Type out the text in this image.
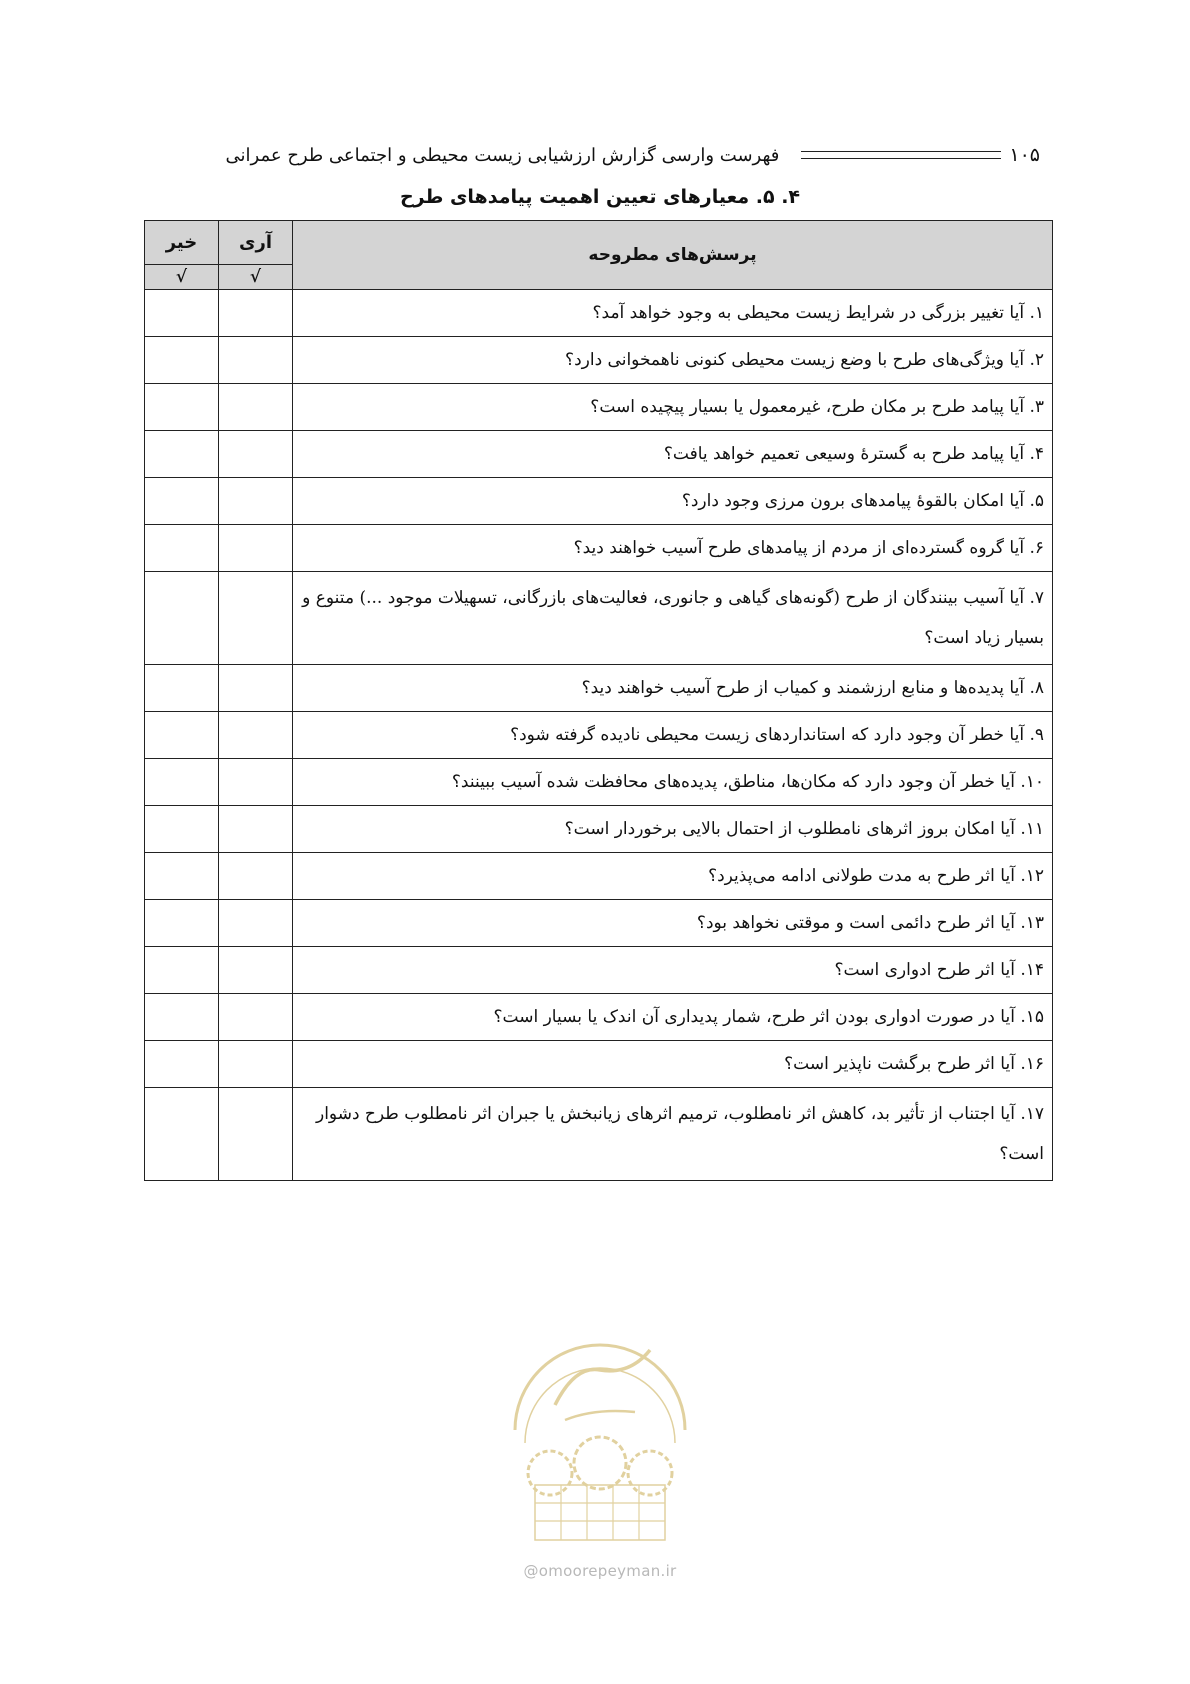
۱۰۵
فهرست وارسی گزارش ارزشیابی زیست محیطی و اجتماعی طرح عمرانی
۴. ۵. معیارهای تعیین اهمیت پیامدهای طرح
پرسش‌های مطروحه	آری	خیر
	√	√
۱. آیا تغییر بزرگی در شرایط زیست محیطی به وجود خواهد آمد؟		
۲. آیا ویژگی‌های طرح با وضع زیست محیطی کنونی ناهمخوانی دارد؟		
۳. آیا پیامد طرح بر مکان طرح، غیرمعمول یا بسیار پیچیده است؟		
۴. آیا پیامد طرح به گسترۀ وسیعی تعمیم خواهد یافت؟		
۵. آیا امکان بالقوۀ پیامدهای برون مرزی وجود دارد؟		
۶. آیا گروه گسترده‌ای از مردم از پیامدهای طرح آسیب خواهند دید؟		
۷. آیا آسیب بینندگان از طرح (گونه‌های گیاهی و جانوری، فعالیت‌های بازرگانی، تسهیلات موجود ...) متنوع و بسیار زیاد است؟		
۸. آیا پدیده‌ها و منابع ارزشمند و کمیاب از طرح آسیب خواهند دید؟		
۹. آیا خطر آن وجود دارد که استانداردهای زیست محیطی نادیده گرفته شود؟		
۱۰. آیا خطر آن وجود دارد که مکان‌ها، مناطق، پدیده‌های محافظت شده آسیب ببینند؟		
۱۱. آیا امکان بروز اثرهای نامطلوب از احتمال بالایی برخوردار است؟		
۱۲. آیا اثر طرح به مدت طولانی ادامه می‌پذیرد؟		
۱۳. آیا اثر طرح دائمی است و موقتی نخواهد بود؟		
۱۴. آیا اثر طرح ادواری است؟		
۱۵. آیا در صورت ادواری بودن اثر طرح، شمار پدیداری آن اندک یا بسیار است؟		
۱۶. آیا اثر طرح برگشت ناپذیر است؟		
۱۷. آیا اجتناب از تأثیر بد، کاهش اثر نامطلوب، ترمیم اثرهای زیانبخش یا جبران اثر نامطلوب طرح دشوار است؟		
@omoorepeyman.ir
